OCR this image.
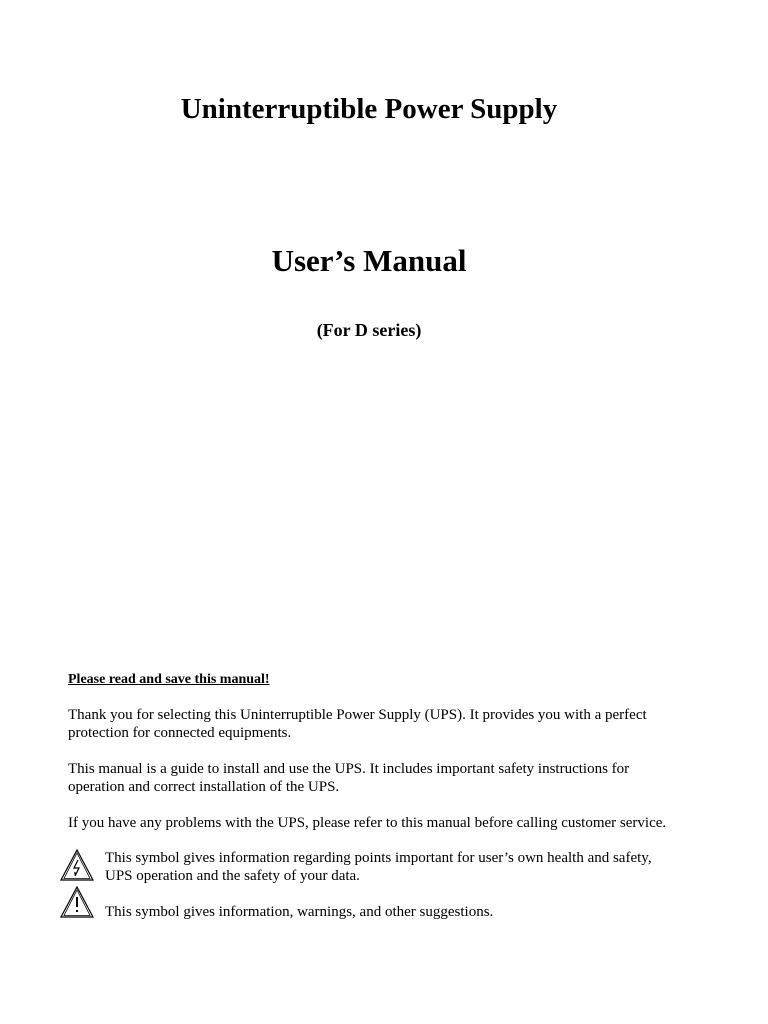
Uninterruptible Power Supply
User’s Manual
(For D series)
Please read and save this manual!
Thank you for selecting this Uninterruptible Power Supply (UPS). It provides you with a perfect protection for connected equipments.
This manual is a guide to install and use the UPS. It includes important safety instructions for operation and correct installation of the UPS.
If you have any problems with the UPS, please refer to this manual before calling customer service.
This symbol gives information regarding points important for user’s own health and safety, UPS operation and the safety of your data.
This symbol gives information, warnings, and other suggestions.
